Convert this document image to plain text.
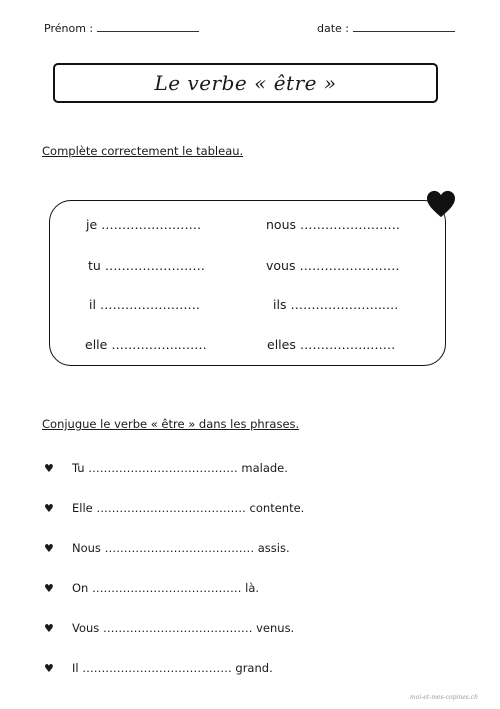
Prénom :	date :
Le verbe « être »
Complète correctement le tableau.
je ……………………	nous ……………………
tu ……………………	vous ……………………
il ……………………	ils …………………..…
elle ……………..……	elles ……………..……
Conjugue le verbe « être » dans les phrases.
♥	Tu
…………………………………
malade.
♥	Elle
…………………………………
contente.
♥	Nous
…………………………………
assis.
♥	On
…………………………………
là.
♥	Vous
…………………………………
venus.
♥	Il
…………………………………
grand.
moi-et-mes-copines.ch
